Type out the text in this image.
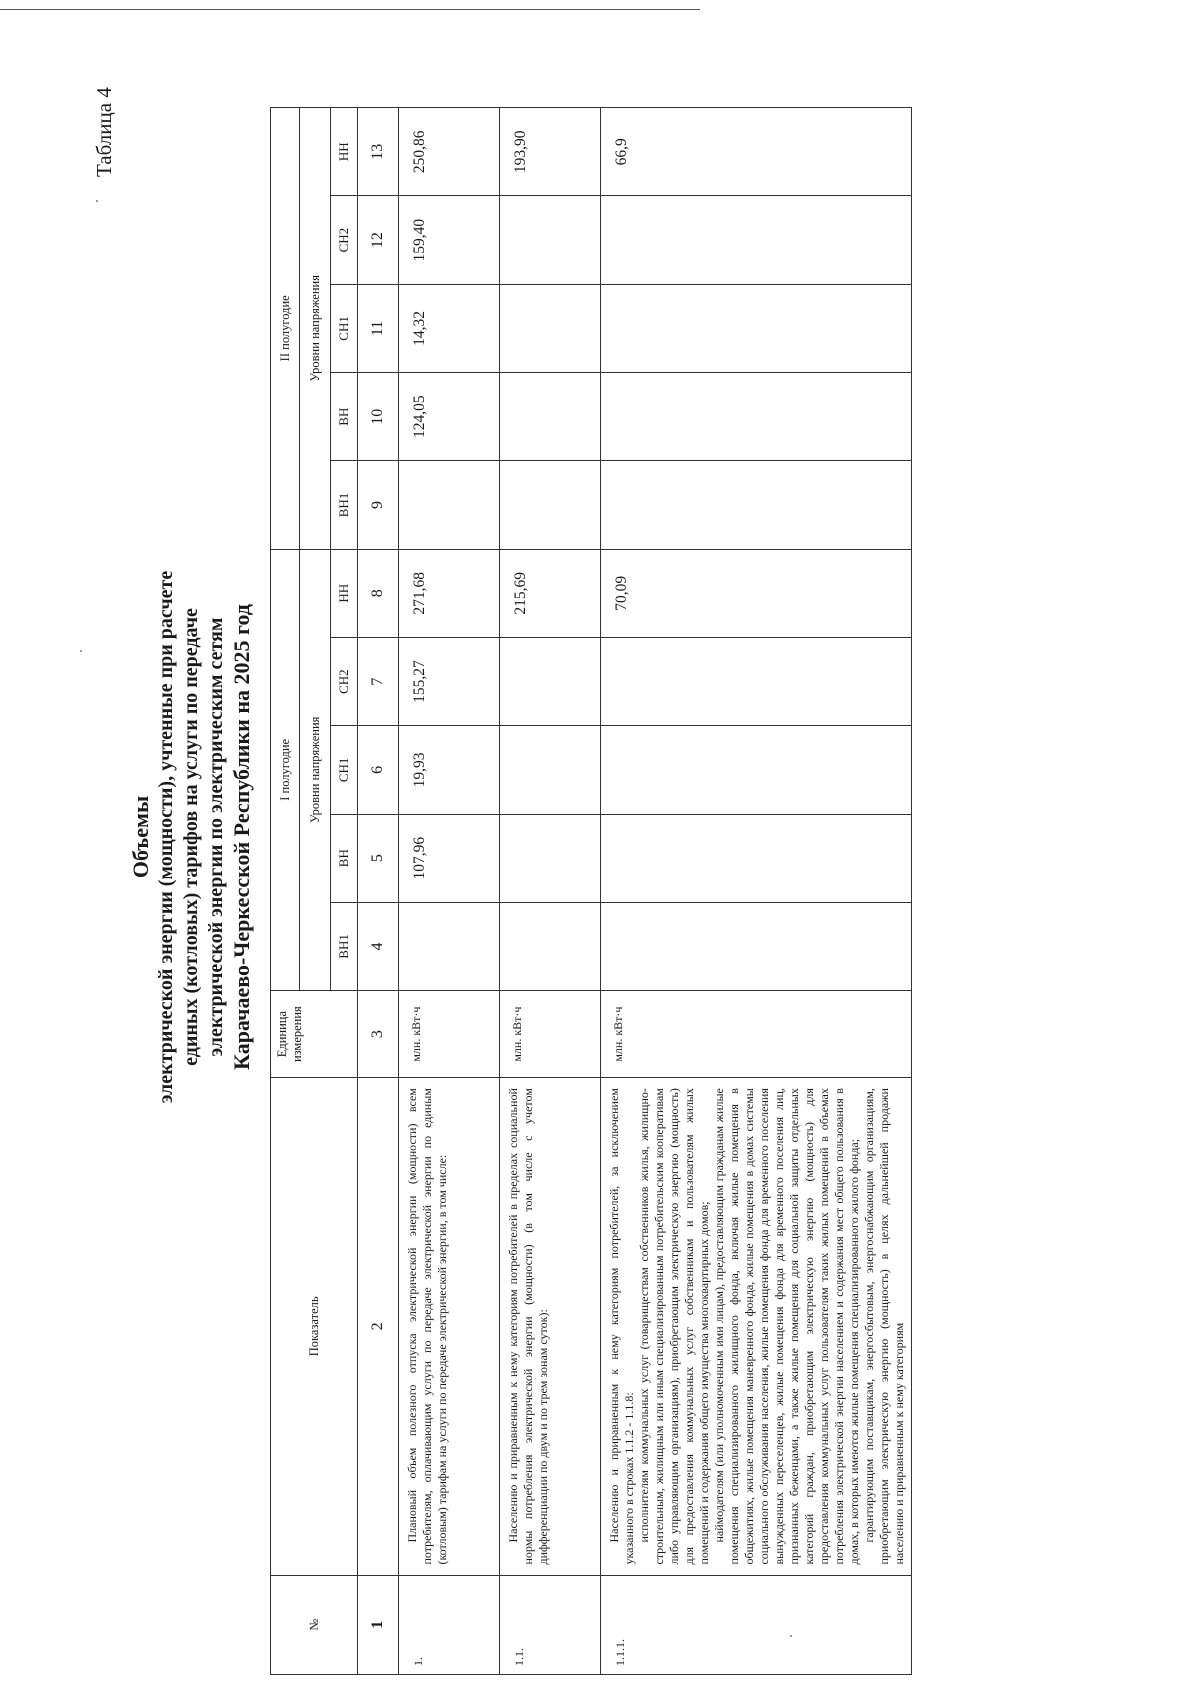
Таблица 4
Объемы электрической энергии (мощности), учтенные при расчете единых (котловых) тарифов на услуги по передаче электрической энергии по электрическим сетям Карачаево-Черкесской Республики на 2025 год
№	Показатель	Единица измерения	I полугодие					II полугодие				
			Уровни напряжения					Уровни напряжения				
			ВН1	ВН	СН1	СН2	НН	ВН1	ВН	СН1	СН2	НН
1	2	3	4	5	6	7	8	9	10	11	12	13
1.	Плановый объем полезного отпуска электрической энергии (мощности) всем потребителям, оплачивающим услуги по передаче электрической энергии по единым (котловым) тарифам на услуги по передаче электрической энергии, в том числе:	млн. кВт·ч		107,96	19,93	155,27	271,68		124,05	14,32	159,40	250,86
1.1.	Населению и приравненным к нему категориям потребителей в пределах социальной нормы потребления электрической энергии (мощности) (в том числе с учетом дифференциации по двум и по трем зонам суток):	млн. кВт·ч					215,69					193,90
1.1.1.	Населению и приравненным к нему категориям потребителей, за исключением указанного в строках 1.1.2 - 1.1.8: исполнителям коммунальных услуг (товариществам собственников жилья, жилищно-строительным, жилищным или иным специализированным потребительским кооперативам либо управляющим организациям), приобретающим электрическую энергию (мощность) для предоставления коммунальных услуг собственникам и пользователям жилых помещений и содержания общего имущества многоквартирных домов; наймодателям (или уполномоченным ими лицам), предоставляющим гражданам жилые помещения специализированного жилищного фонда, включая жилые помещения в общежитиях, жилые помещения маневренного фонда, жилые помещения в домах системы социального обслуживания населения, жилые помещения фонда для временного поселения вынужденных переселенцев, жилые помещения фонда для временного поселения лиц, признанных беженцами, а также жилые помещения для социальной защиты отдельных категорий граждан, приобретающим электрическую энергию (мощность) для предоставления коммунальных услуг пользователям таких жилых помещений в объемах потребления электрической энергии населением и содержания мест общего пользования в домах, в которых имеются жилые помещения специализированного жилого фонда; гарантирующим поставщикам, энергосбытовым, энергоснабжающим организациям, приобретающим электрическую энергию (мощность) в целях дальнейшей продажи населению и приравненным к нему категориям	млн. кВт·ч					70,09					66,9
